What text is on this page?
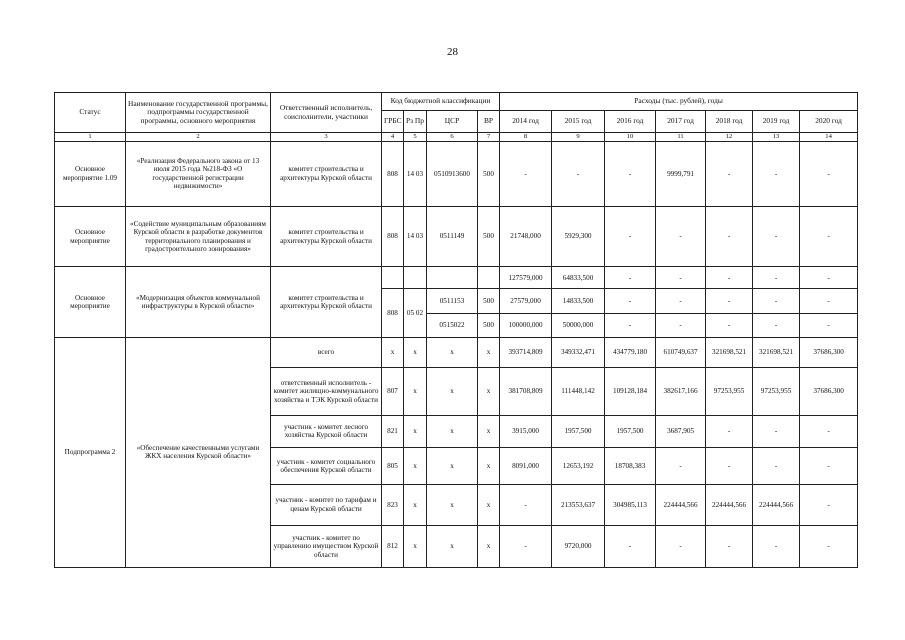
28
Статус	Наименование государственной программы, подпрограммы государственной программы, основного мероприятия	Ответственный исполнитель, соисполнители, участники	Код бюджетной классификации				Расходы (тыс. рублей), годы						
			ГРБС	Рз Пр	ЦСР	ВР	2014 год	2015 год	2016 год	2017 год	2018 год	2019 год	2020 год
1	2	3	4	5	6	7	8	9	10	11	12	13	14
Основное мероприятие 1.09	«Реализация Федерального закона от 13 июля 2015 года №218-ФЗ «О государственной регистрации недвижимости»	комитет строительства и архитектуры Курской области	808	14 03	0510913600	500	-	-	-	9999,791	-	-	-
Основное мероприятие	«Содействие муниципальным образованиям Курской области в разработке документов территориального планирования и градостроительного зонирования»	комитет строительства и архитектуры Курской области	808	14 03	0511149	500	21748,000	5929,300	-	-	-	-	-
Основное мероприятие	«Модернизация объектов коммунальной инфраструктуры в Курской области»	комитет строительства и архитектуры Курской области					127579,000	64833,500	-	-	-	-	-
			808	05 02	0511153	500	27579,000	14833,500	-	-	-	-	-
					0515022	500	100000,000	50000,000	-	-	-	-	-
Подпрограмма 2	«Обеспечение качественными услугами ЖКХ населения Курской области»	всего	х	х	х	х	393714,809	349332,471	434779,180	610749,637	321698,521	321698,521	37686,300
		ответственный исполнитель - комитет жилищно-коммунального хозяйства и ТЭК Курской области	807	х	х	х	381708,809	111448,142	109128,184	382617,166	97253,955	97253,955	37686,300
		участник - комитет лесного хозяйства Курской области	821	х	х	х	3915,000	1957,500	1957,500	3687,905	-	-	-
		участник - комитет социального обеспечения Курской области	805	х	х	х	8091,000	12653,192	18708,383	-	-	-	-
		участник - комитет по тарифам и ценам Курской области	823	х	х	х	-	213553,637	304985,113	224444,566	224444,566	224444,566	-
		участник - комитет по управлению имуществом Курской области	812	х	х	х	-	9720,000	-	-	-	-	-
